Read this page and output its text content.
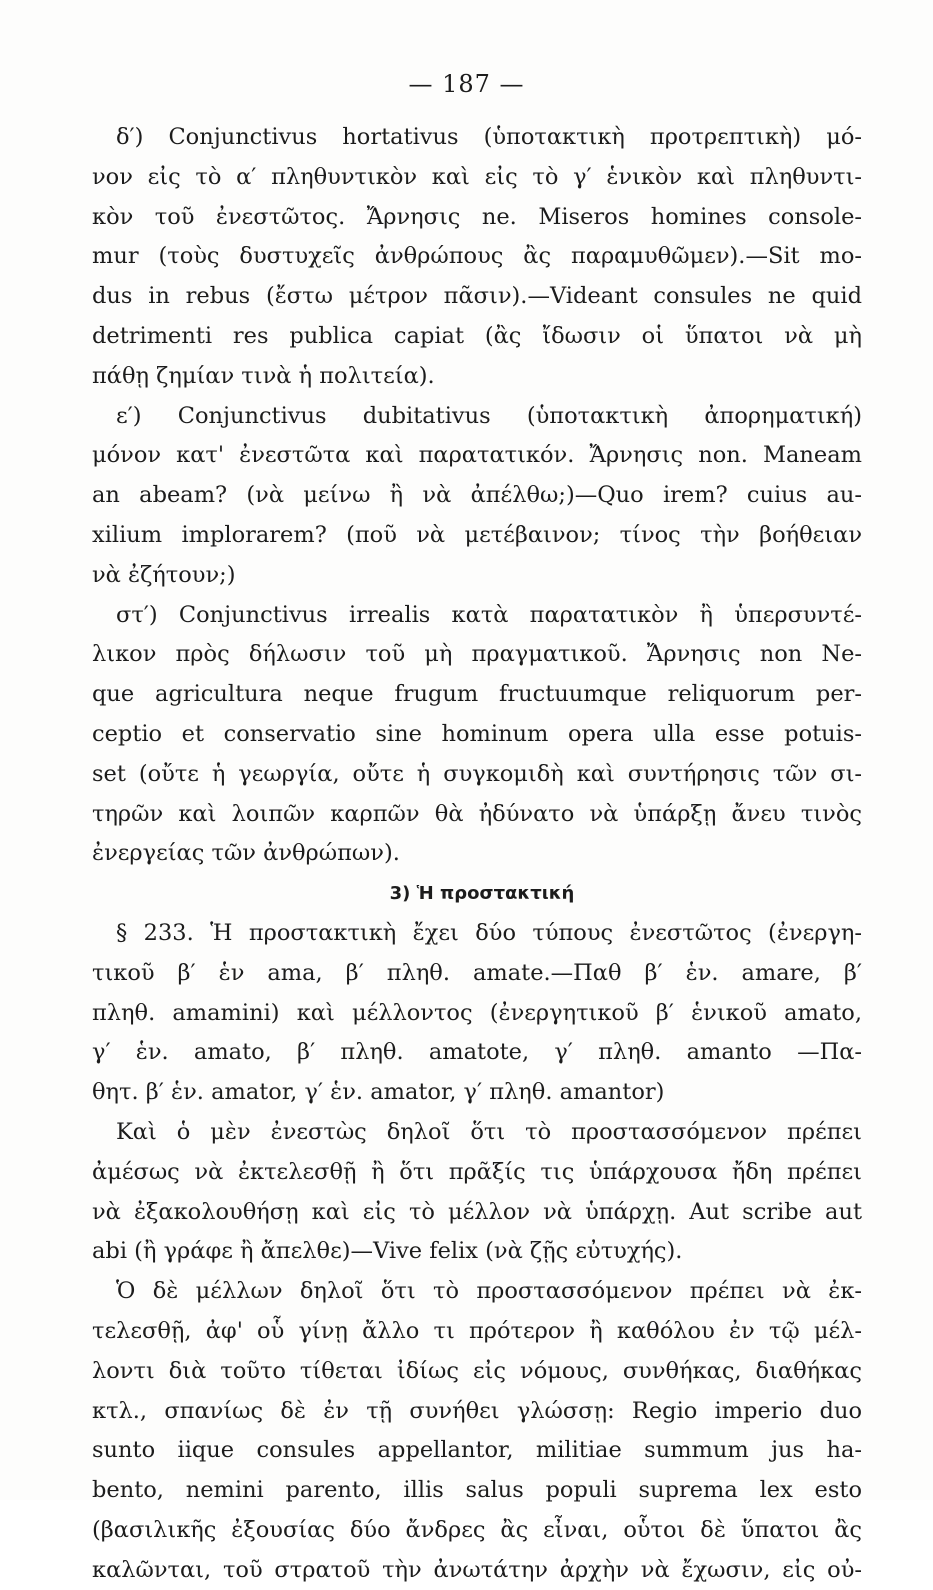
— 187 —
δ′) Conjunctivus hortativus (ὑποτακτικὴ προτρεπτικὴ) μό-
νον εἰς τὸ α′ πληθυντικὸν καὶ εἰς τὸ γ′ ἑνικὸν καὶ πληθυντι-
κὸν τοῦ ἐνεστῶτος. Ἄρνησις ne. Miseros homines console-
mur (τοὺς δυστυχεῖς ἀνθρώπους ἂς παραμυθῶμεν).—Sit mo-
dus in rebus (ἔστω μέτρον πᾶσιν).—Videant consules ne quid
detrimenti res publica capiat (ἂς ἴδωσιν οἱ ὕπατοι νὰ μὴ
πάθῃ ζημίαν τινὰ ἡ πολιτεία).
ε′) Conjunctivus dubitativus (ὑποτακτικὴ ἀπορηματική)
μόνον κατ' ἐνεστῶτα καὶ παρατατικόν. Ἄρνησις non. Maneam
an abeam? (νὰ μείνω ἢ νὰ ἀπέλθω;)—Quo irem? cuius au-
xilium implorarem? (ποῦ νὰ μετέβαινον; τίνος τὴν βοήθειαν
νὰ ἐζήτουν;)
στ′) Conjunctivus irrealis κατὰ παρατατικὸν ἢ ὑπερσυντέ-
λικον πρὸς δήλωσιν τοῦ μὴ πραγματικοῦ. Ἄρνησις non Ne-
que agricultura neque frugum fructuumque reliquorum per-
ceptio et conservatio sine hominum opera ulla esse potuis-
set (οὔτε ἡ γεωργία, οὔτε ἡ συγκομιδὴ καὶ συντήρησις τῶν σι-
τηρῶν καὶ λοιπῶν καρπῶν θὰ ἠδύνατο νὰ ὑπάρξῃ ἄνευ τινὸς
ἐνεργείας τῶν ἀνθρώπων).
3) Ἡ προστακτική
§ 233. Ἡ προστακτικὴ ἔχει δύο τύπους ἐνεστῶτος (ἐνεργη-
τικοῦ β′ ἑν ama, β′ πληθ. amate.—Παθ β′ ἑν. amare, β′
πληθ. amamini) καὶ μέλλοντος (ἐνεργητικοῦ β′ ἑνικοῦ amato,
γ′ ἑν. amato, β′ πληθ. amatote, γ′ πληθ. amanto —Πα-
θητ. β′ ἑν. amator, γ′ ἑν. amator, γ′ πληθ. amantor)
Καὶ ὁ μὲν ἐνεστὼς δηλοῖ ὅτι τὸ προστασσόμενον πρέπει
ἀμέσως νὰ ἐκτελεσθῇ ἢ ὅτι πρᾶξίς τις ὑπάρχουσα ἤδη πρέπει
νὰ ἐξακολουθήσῃ καὶ εἰς τὸ μέλλον νὰ ὑπάρχῃ. Aut scribe aut
abi (ἢ γράφε ἢ ἄπελθε)—Vive felix (νὰ ζῇς εὐτυχής).
Ὁ δὲ μέλλων δηλοῖ ὅτι τὸ προστασσόμενον πρέπει νὰ ἐκ-
τελεσθῇ, ἀφ' οὗ γίνῃ ἄλλο τι πρότερον ἢ καθόλου ἐν τῷ μέλ-
λοντι διὰ τοῦτο τίθεται ἰδίως εἰς νόμους, συνθήκας, διαθήκας
κτλ., σπανίως δὲ ἐν τῇ συνήθει γλώσσῃ: Regio imperio duo
sunto iique consules appellantor, militiae summum jus ha-
bento, nemini parento, illis salus populi suprema lex esto
(βασιλικῆς ἐξουσίας δύο ἄνδρες ἂς εἶναι, οὗτοι δὲ ὕπατοι ἂς
καλῶνται, τοῦ στρατοῦ τὴν ἀνωτάτην ἀρχὴν νὰ ἔχωσιν, εἰς οὐ-
